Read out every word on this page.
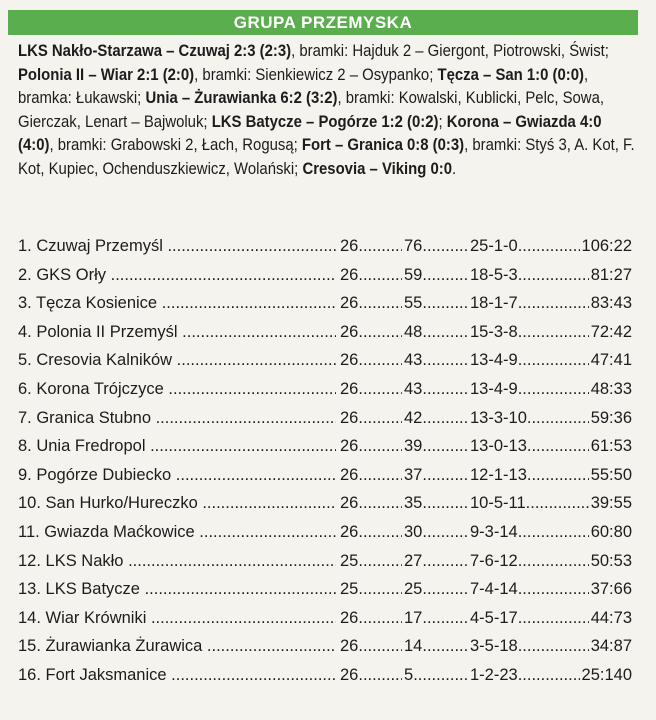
GRUPA PRZEMYSKA
LKS Nakło-Starzawa – Czuwaj 2:3 (2:3), bramki: Hajduk 2 – Giergont, Piotrowski, Świst; Polonia II – Wiar 2:1 (2:0), bramki: Sienkiewicz 2 – Osypanko; Tęcza – San 1:0 (0:0), bramka: Łukawski; Unia – Żurawianka 6:2 (3:2), bramki: Kowalski, Kublicki, Pelc, Sowa, Gierczak, Lenart – Bajwoluk; LKS Batycze – Pogórze 1:2 (0:2); Korona – Gwiazda 4:0 (4:0), bramki: Grabowski 2, Łach, Rogusą; Fort – Granica 0:8 (0:3), bramki: Styś 3, A. Kot, F. Kot, Kupiec, Ochenduszkiewicz, Wolański; Cresovia – Viking 0:0.
1. Czuwaj Przemyśl .....	26 .....	76 .....	25-1-0 .....	106:22
2. GKS Orły .....	26 .....	59 .....	18-5-3 .....	81:27
3. Tęcza Kosienice .....	26 .....	55 .....	18-1-7 .....	83:43
4. Polonia II Przemyśl .....	26 .....	48 .....	15-3-8 .....	72:42
5. Cresovia Kalników .....	26 .....	43 .....	13-4-9 .....	47:41
6. Korona Trójczyce .....	26 .....	43 .....	13-4-9 .....	48:33
7. Granica Stubno .....	26 .....	42 .....	13-3-10 .....	59:36
8. Unia Fredropol .....	26 .....	39 .....	13-0-13 .....	61:53
9. Pogórze Dubiecko .....	26 .....	37 .....	12-1-13 .....	55:50
10. San Hurko/Hureczko .....	26 .....	35 .....	10-5-11 .....	39:55
11. Gwiazda Maćkowice .....	26 .....	30 .....	9-3-14 .....	60:80
12. LKS Nakło .....	25 .....	27 .....	7-6-12 .....	50:53
13. LKS Batycze .....	25 .....	25 .....	7-4-14 .....	37:66
14. Wiar Krówniki .....	26 .....	17 .....	4-5-17 .....	44:73
15. Żurawianka Żurawica .....	26 .....	14 .....	3-5-18 .....	34:87
16. Fort Jaksmanice .....	26 .....	5 .....	1-2-23 .....	25:140
